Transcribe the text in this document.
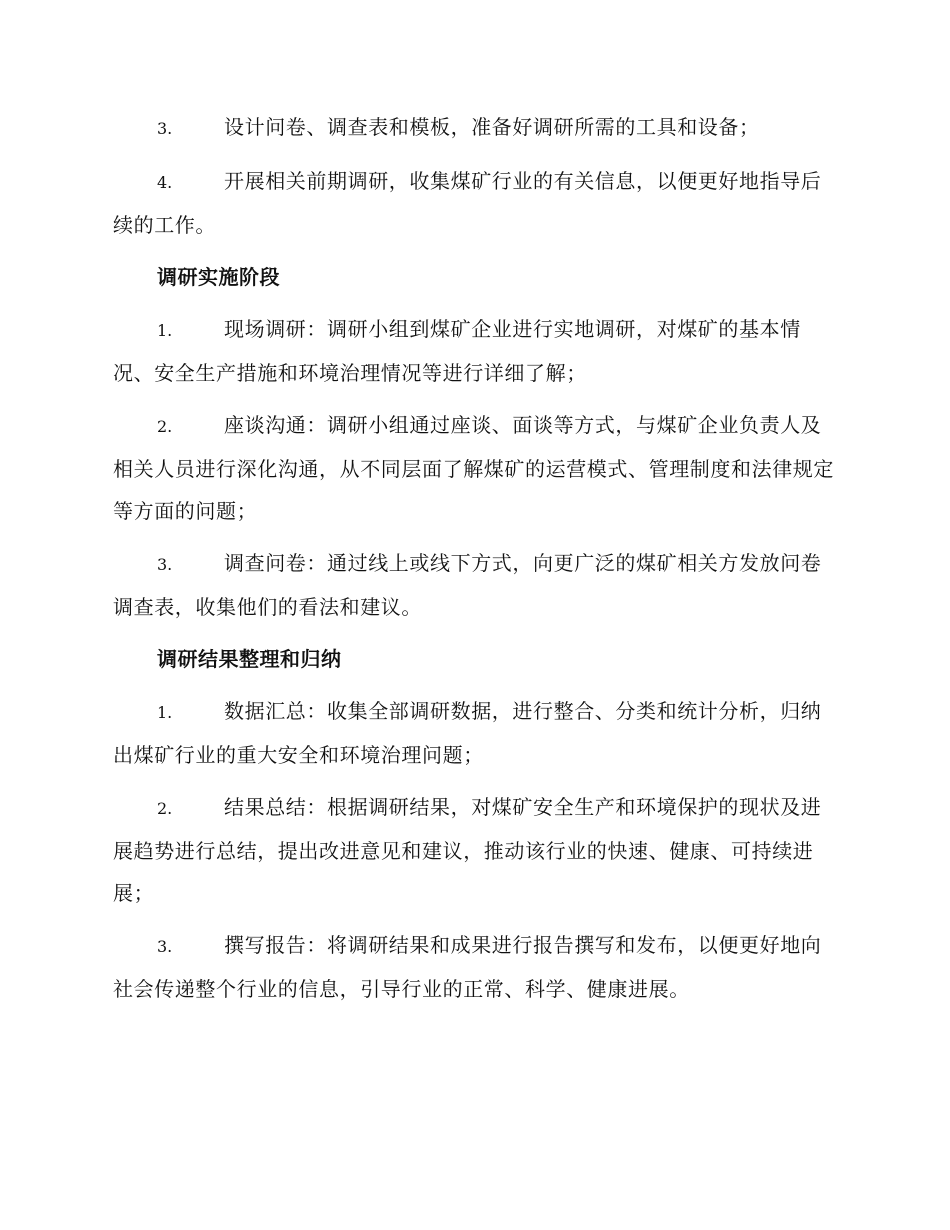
3.	设计问卷、调查表和模板，准备好调研所需的工具和设备；

4.	开展相关前期调研，收集煤矿行业的有关信息，以便更好地指导后续的工作。

调研实施阶段

1.	现场调研：调研小组到煤矿企业进行实地调研，对煤矿的基本情况、安全生产措施和环境治理情况等进行详细了解；

2.	座谈沟通：调研小组通过座谈、面谈等方式，与煤矿企业负责人及相关人员进行深化沟通，从不同层面了解煤矿的运营模式、管理制度和法律规定等方面的问题；

3.	调查问卷：通过线上或线下方式，向更广泛的煤矿相关方发放问卷调查表，收集他们的看法和建议。

调研结果整理和归纳

1.	数据汇总：收集全部调研数据，进行整合、分类和统计分析，归纳出煤矿行业的重大安全和环境治理问题；

2.	结果总结：根据调研结果，对煤矿安全生产和环境保护的现状及进展趋势进行总结，提出改进意见和建议，推动该行业的快速、健康、可持续进展；

3.	撰写报告：将调研结果和成果进行报告撰写和发布，以便更好地向社会传递整个行业的信息，引导行业的正常、科学、健康进展。
